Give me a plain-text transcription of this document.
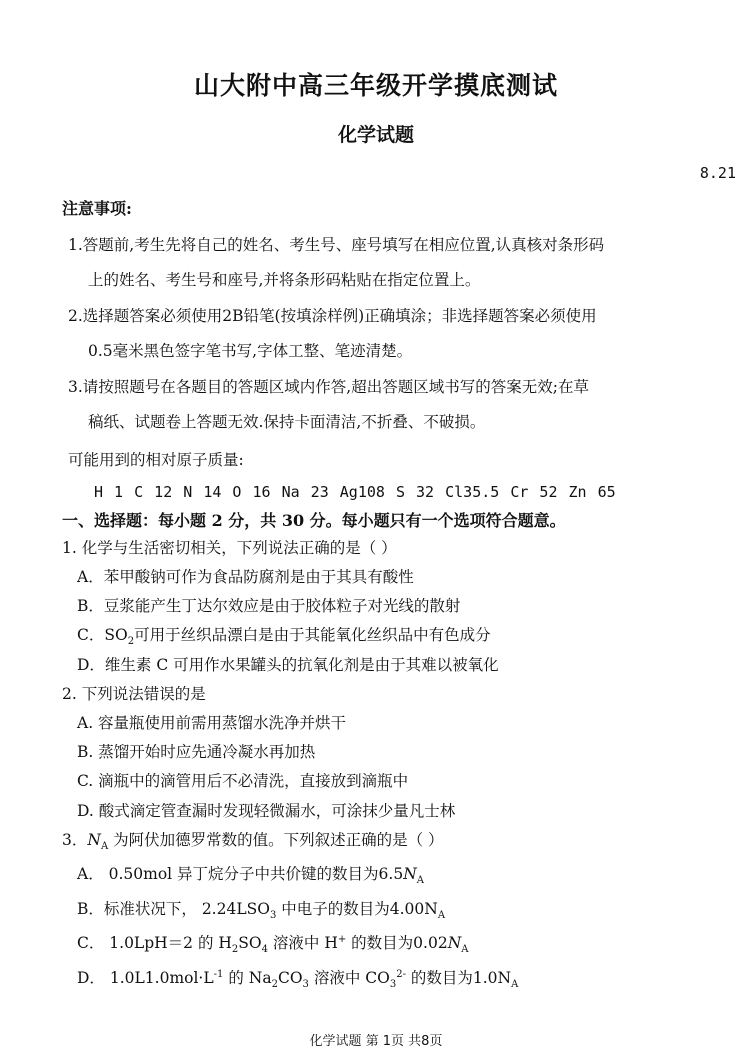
山大附中高三年级开学摸底测试
化学试题
8.21
注意事项:
1.答题前,考生先将自己的姓名、考生号、座号填写在相应位置,认真核对条形码
上的姓名、考生号和座号,并将条形码粘贴在指定位置上。
2.选择题答案必须使用2B铅笔(按填涂样例)正确填涂；非选择题答案必须使用
0.5毫米黑色签字笔书写,字体工整、笔迹清楚。
3.请按照题号在各题目的答题区域内作答,超出答题区域书写的答案无效;在草
稿纸、试题卷上答题无效.保持卡面清洁,不折叠、不破损。
可能用到的相对原子质量:
H 1 C 12 N 14 O 16 Na 23 Ag108 S 32 Cl35.5 Cr 52 Zn 65
一、选择题：每小题 2 分，共 30 分。每小题只有一个选项符合题意。
1. 化学与生活密切相关，下列说法正确的是（ ）
A．苯甲酸钠可作为食品防腐剂是由于其具有酸性
B．豆浆能产生丁达尔效应是由于胶体粒子对光线的散射
C．$SO_2$可用于丝织品漂白是由于其能氧化丝织品中有色成分
D．维生素 C 可用作水果罐头的抗氧化剂是由于其难以被氧化
2. 下列说法错误的是
A. 容量瓶使用前需用蒸馏水洗净并烘干
B. 蒸馏开始时应先通冷凝水再加热
C. 滴瓶中的滴管用后不必清洗，直接放到滴瓶中
D. 酸式滴定管查漏时发现轻微漏水，可涂抹少量凡士林
3．$N_A$ 为阿伏加德罗常数的值。下列叙述正确的是（ ）
A． 0.50mol 异丁烷分子中共价键的数目为$6.5N_A$
B．标准状况下， $2.24LSO_3$ 中电子的数目为$4.00N_A$
C． 1.0LpH＝2 的 $H_2SO_4$ 溶液中 H+ 的数目为$0.02N_A$
D． $1.0L1.0mol\cdot L^{-1}$ 的 $Na_2CO_3$ 溶液中 $CO_3^{2-}$ 的数目为$1.0N_A$
化学试题 第 1页 共8页
